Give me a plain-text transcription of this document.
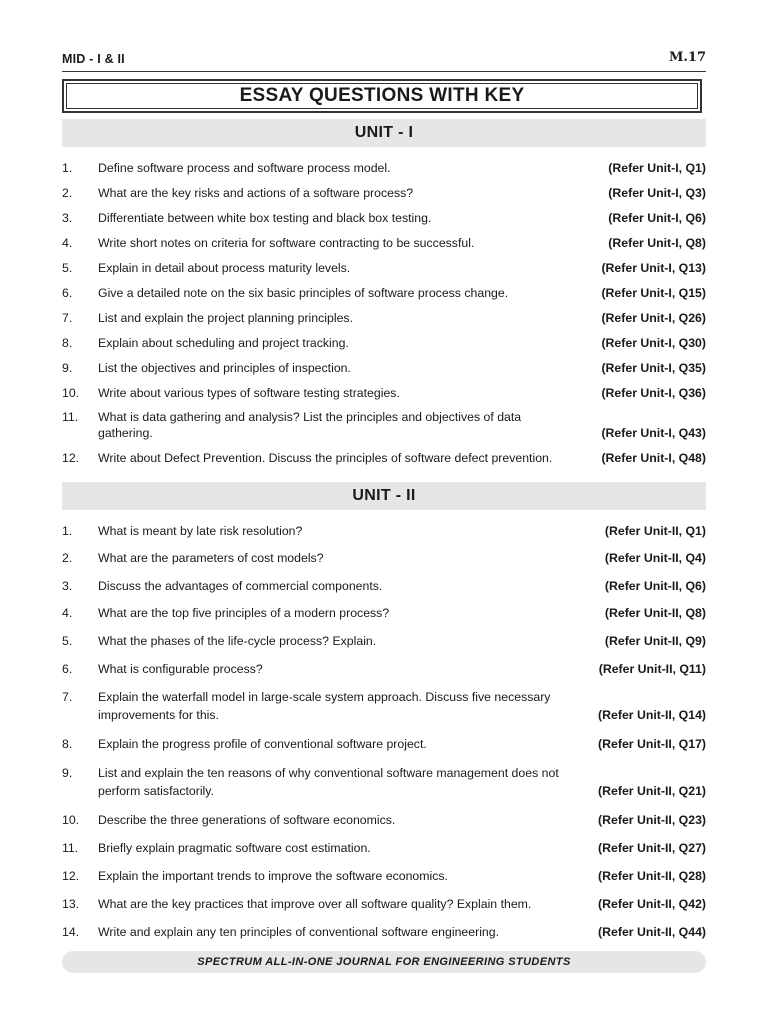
MID - I & II	M.17
ESSAY QUESTIONS WITH KEY
UNIT - I
1.	Define software process and software process model.	(Refer Unit-I, Q1)
2.	What are the key risks and actions of a software process?	(Refer Unit-I, Q3)
3.	Differentiate between white box testing and black box testing.	(Refer Unit-I, Q6)
4.	Write short notes on criteria for software contracting to be successful.	(Refer Unit-I, Q8)
5.	Explain in detail about process maturity levels.	(Refer Unit-I, Q13)
6.	Give a detailed note on the six basic principles of software process change.	(Refer Unit-I, Q15)
7.	List and explain the project planning principles.	(Refer Unit-I, Q26)
8.	Explain about scheduling and project tracking.	(Refer Unit-I, Q30)
9.	List the objectives and principles of inspection.	(Refer Unit-I, Q35)
10.	Write about various types of software testing strategies.	(Refer Unit-I, Q36)
11.	What is data gathering and analysis? List the principles and objectives of data gathering.	(Refer Unit-I, Q43)
12.	Write about Defect Prevention. Discuss the principles of software defect prevention.	(Refer Unit-I, Q48)
UNIT - II
1.	What is meant by late risk resolution?	(Refer Unit-II, Q1)
2.	What are the parameters of cost models?	(Refer Unit-II, Q4)
3.	Discuss the advantages of commercial components.	(Refer Unit-II, Q6)
4.	What are the top five principles of a modern process?	(Refer Unit-II, Q8)
5.	What the phases of the life-cycle process? Explain.	(Refer Unit-II, Q9)
6.	What is configurable process?	(Refer Unit-II, Q11)
7.	Explain the waterfall model in large-scale system approach. Discuss five necessary improvements for this.	(Refer Unit-II, Q14)
8.	Explain the progress profile of conventional software project.	(Refer Unit-II, Q17)
9.	List and explain the ten reasons of why conventional software management does not perform satisfactorily.	(Refer Unit-II, Q21)
10.	Describe the three generations of software economics.	(Refer Unit-II, Q23)
11.	Briefly explain pragmatic software cost estimation.	(Refer Unit-II, Q27)
12.	Explain the important trends to improve the software economics.	(Refer Unit-II, Q28)
13.	What are the key practices that improve over all software quality? Explain them.	(Refer Unit-II, Q42)
14.	Write and explain any ten principles of conventional software engineering.	(Refer Unit-II, Q44)
SPECTRUM ALL-IN-ONE JOURNAL FOR ENGINEERING STUDENTS
